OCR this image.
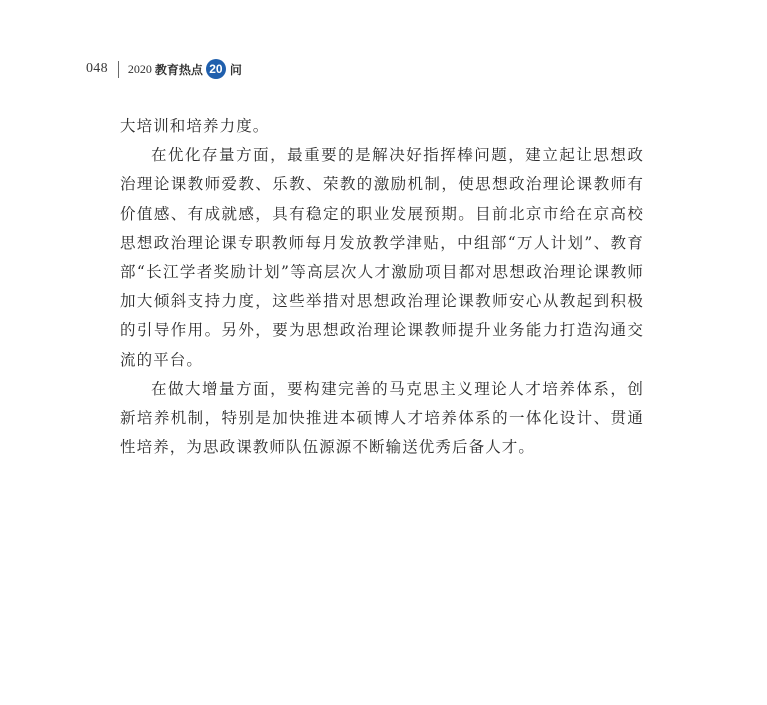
048 2020 教育热点 20 问

大培训和培养力度。

在优化存量方面，最重要的是解决好指挥棒问题，建立起让思想政治理论课教师爱教、乐教、荣教的激励机制，使思想政治理论课教师有价值感、有成就感，具有稳定的职业发展预期。目前北京市给在京高校思想政治理论课专职教师每月发放教学津贴，中组部“万人计划”、教育部“长江学者奖励计划”等高层次人才激励项目都对思想政治理论课教师加大倾斜支持力度，这些举措对思想政治理论课教师安心从教起到积极的引导作用。另外，要为思想政治理论课教师提升业务能力打造沟通交流的平台。

在做大增量方面，要构建完善的马克思主义理论人才培养体系，创新培养机制，特别是加快推进本硕博人才培养体系的一体化设计、贯通性培养，为思政课教师队伍源源不断输送优秀后备人才。
